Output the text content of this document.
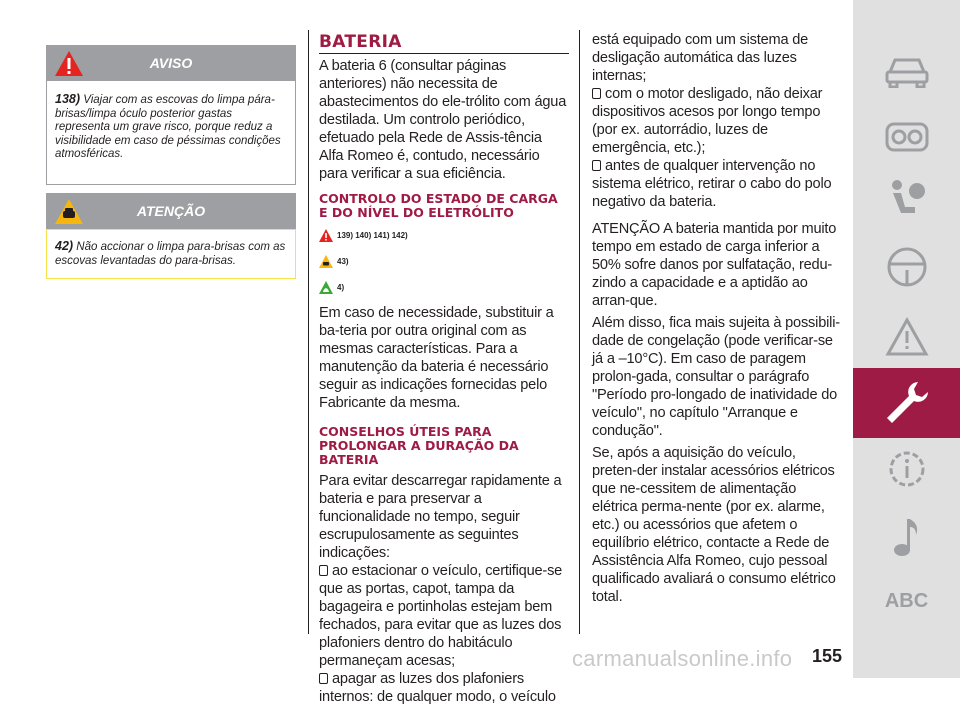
AVISO
138) Viajar com as escovas do limpa pára-brisas/limpa óculo posterior gastas representa um grave risco, porque reduz a visibilidade em caso de péssimas condições atmosféricas.
ATENÇÃO
42) Não accionar o limpa para-brisas com as escovas levantadas do para-brisas.
BATERIA
A bateria 6 (consultar páginas anteriores) não necessita de abastecimentos do ele-trólito com água destilada. Um controlo periódico, efetuado pela Rede de Assis-tência Alfa Romeo é, contudo, necessário para verificar a sua eficiência.
CONTROLO DO ESTADO DE CARGA E DO NÍVEL DO ELETRÓLITO
139) 140) 141) 142)
43)
4)
Em caso de necessidade, substituir a ba-teria por outra original com as mesmas características. Para a manutenção da bateria é necessário seguir as indicações fornecidas pelo Fabricante da mesma.
CONSELHOS ÚTEIS PARA PROLONGAR A DURAÇÃO DA BATERIA
Para evitar descarregar rapidamente a bateria e para preservar a funcionalidade no tempo, seguir escrupulosamente as seguintes indicações:
ao estacionar o veículo, certifique-se que as portas, capot, tampa da bagageira e portinholas estejam bem fechados, para evitar que as luzes dos plafoniers dentro do habitáculo permaneçam acesas;
apagar as luzes dos plafoniers internos: de qualquer modo, o veículo
está equipado com um sistema de desligação automática das luzes internas;
com o motor desligado, não deixar dispositivos acesos por longo tempo (por ex. autorrádio, luzes de emergência, etc.);
antes de qualquer intervenção no sistema elétrico, retirar o cabo do polo negativo da bateria.
ATENÇÃO A bateria mantida por muito tempo em estado de carga inferior a 50% sofre danos por sulfatação, redu-zindo a capacidade e a aptidão ao arran-que.
Além disso, fica mais sujeita à possibili-dade de congelação (pode verificar-se já a –10°C). Em caso de paragem prolon-gada, consultar o parágrafo "Período pro-longado de inatividade do veículo", no capítulo "Arranque e condução".
Se, após a aquisição do veículo, preten-der instalar acessórios elétricos que ne-cessitem de alimentação elétrica perma-nente (por ex. alarme, etc.) ou acessórios que afetem o equilíbrio elétrico, contacte a Rede de Assistência Alfa Romeo, cujo pessoal qualificado avaliará o consumo elétrico total.	ABC
155
carmanualsonline.info
